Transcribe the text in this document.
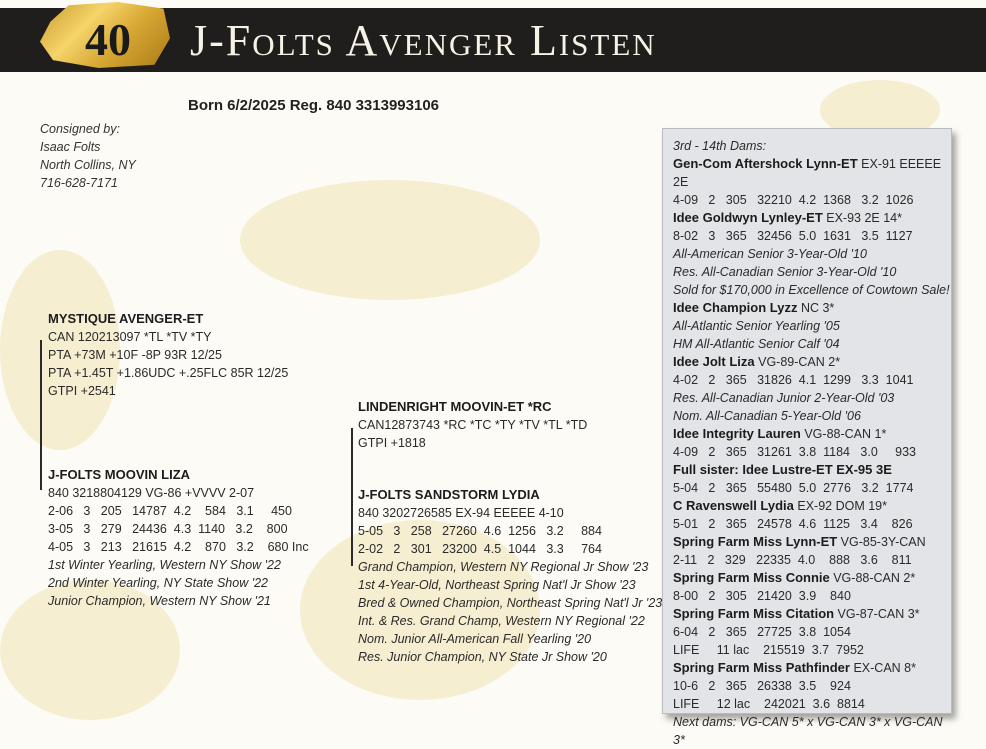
40	J-Folts Avenger Listen
Born 6/2/2025 Reg. 840 3313993106
Consigned by:
Isaac Folts
North Collins, NY
716-628-7171
MYSTIQUE AVENGER-ET
CAN 120213097 *TL *TV *TY
PTA +73M +10F -8P 93R 12/25
PTA +1.45T +1.86UDC +.25FLC 85R 12/25
GTPI +2541
J-FOLTS MOOVIN LIZA
840 3218804129 VG-86 +VVVV 2-07
2-06   3   205   14787  4.2    584   3.1     450
3-05   3   279   24436  4.3  1140   3.2    800
4-05   3   213   21615  4.2    870   3.2    680 Inc
1st Winter Yearling, Western NY Show '22
2nd Winter Yearling, NY State Show '22
Junior Champion, Western NY Show '21
LINDENRIGHT MOOVIN-ET *RC
CAN12873743 *RC *TC *TY *TV *TL *TD
GTPI +1818
J-FOLTS SANDSTORM LYDIA
840 3202726585 EX-94 EEEEE 4-10
5-05   3   258   27260  4.6  1256   3.2     884
2-02   2   301   23200  4.5  1044   3.3     764
Grand Champion, Western NY Regional Jr Show '23
1st 4-Year-Old, Northeast Spring Nat'l Jr Show '23
Bred & Owned Champion, Northeast Spring Nat'l Jr '23
Int. & Res. Grand Champ, Western NY Regional '22
Nom. Junior All-American Fall Yearling '20
Res. Junior Champion, NY State Jr Show '20
3rd - 14th Dams:
Gen-Com Aftershock Lynn-ET EX-91 EEEEE 2E
4-09   2   305   32210  4.2  1368   3.2  1026
Idee Goldwyn Lynley-ET EX-93 2E 14*
8-02   3   365   32456  5.0  1631   3.5  1127
All-American Senior 3-Year-Old '10
Res. All-Canadian Senior 3-Year-Old '10
Sold for $170,000 in Excellence of Cowtown Sale!
Idee Champion Lyzz NC 3*
All-Atlantic Senior Yearling '05
HM All-Atlantic Senior Calf '04
Idee Jolt Liza VG-89-CAN 2*
4-02   2   365   31826  4.1  1299   3.3  1041
Res. All-Canadian Junior 2-Year-Old '03
Nom. All-Canadian 5-Year-Old '06
Idee Integrity Lauren VG-88-CAN 1*
4-09   2   365   31261  3.8  1184   3.0     933
Full sister: Idee Lustre-ET EX-95 3E
5-04   2   365   55480  5.0  2776   3.2  1774
C Ravenswell Lydia EX-92 DOM 19*
5-01   2   365   24578  4.6  1125   3.4    826
Spring Farm Miss Lynn-ET VG-85-3Y-CAN
2-11   2   329   22335  4.0    888   3.6    811
Spring Farm Miss Connie VG-88-CAN 2*
8-00   2   305   21420  3.9    840
Spring Farm Miss Citation VG-87-CAN 3*
6-04   2   365   27725  3.8  1054
LIFE     11 lac    215519  3.7  7952
Spring Farm Miss Pathfinder EX-CAN 8*
10-6   2   365   26338  3.5    924
LIFE     12 lac    242021  3.6  8814
Next dams: VG-CAN 5* x VG-CAN 3* x VG-CAN 3*
